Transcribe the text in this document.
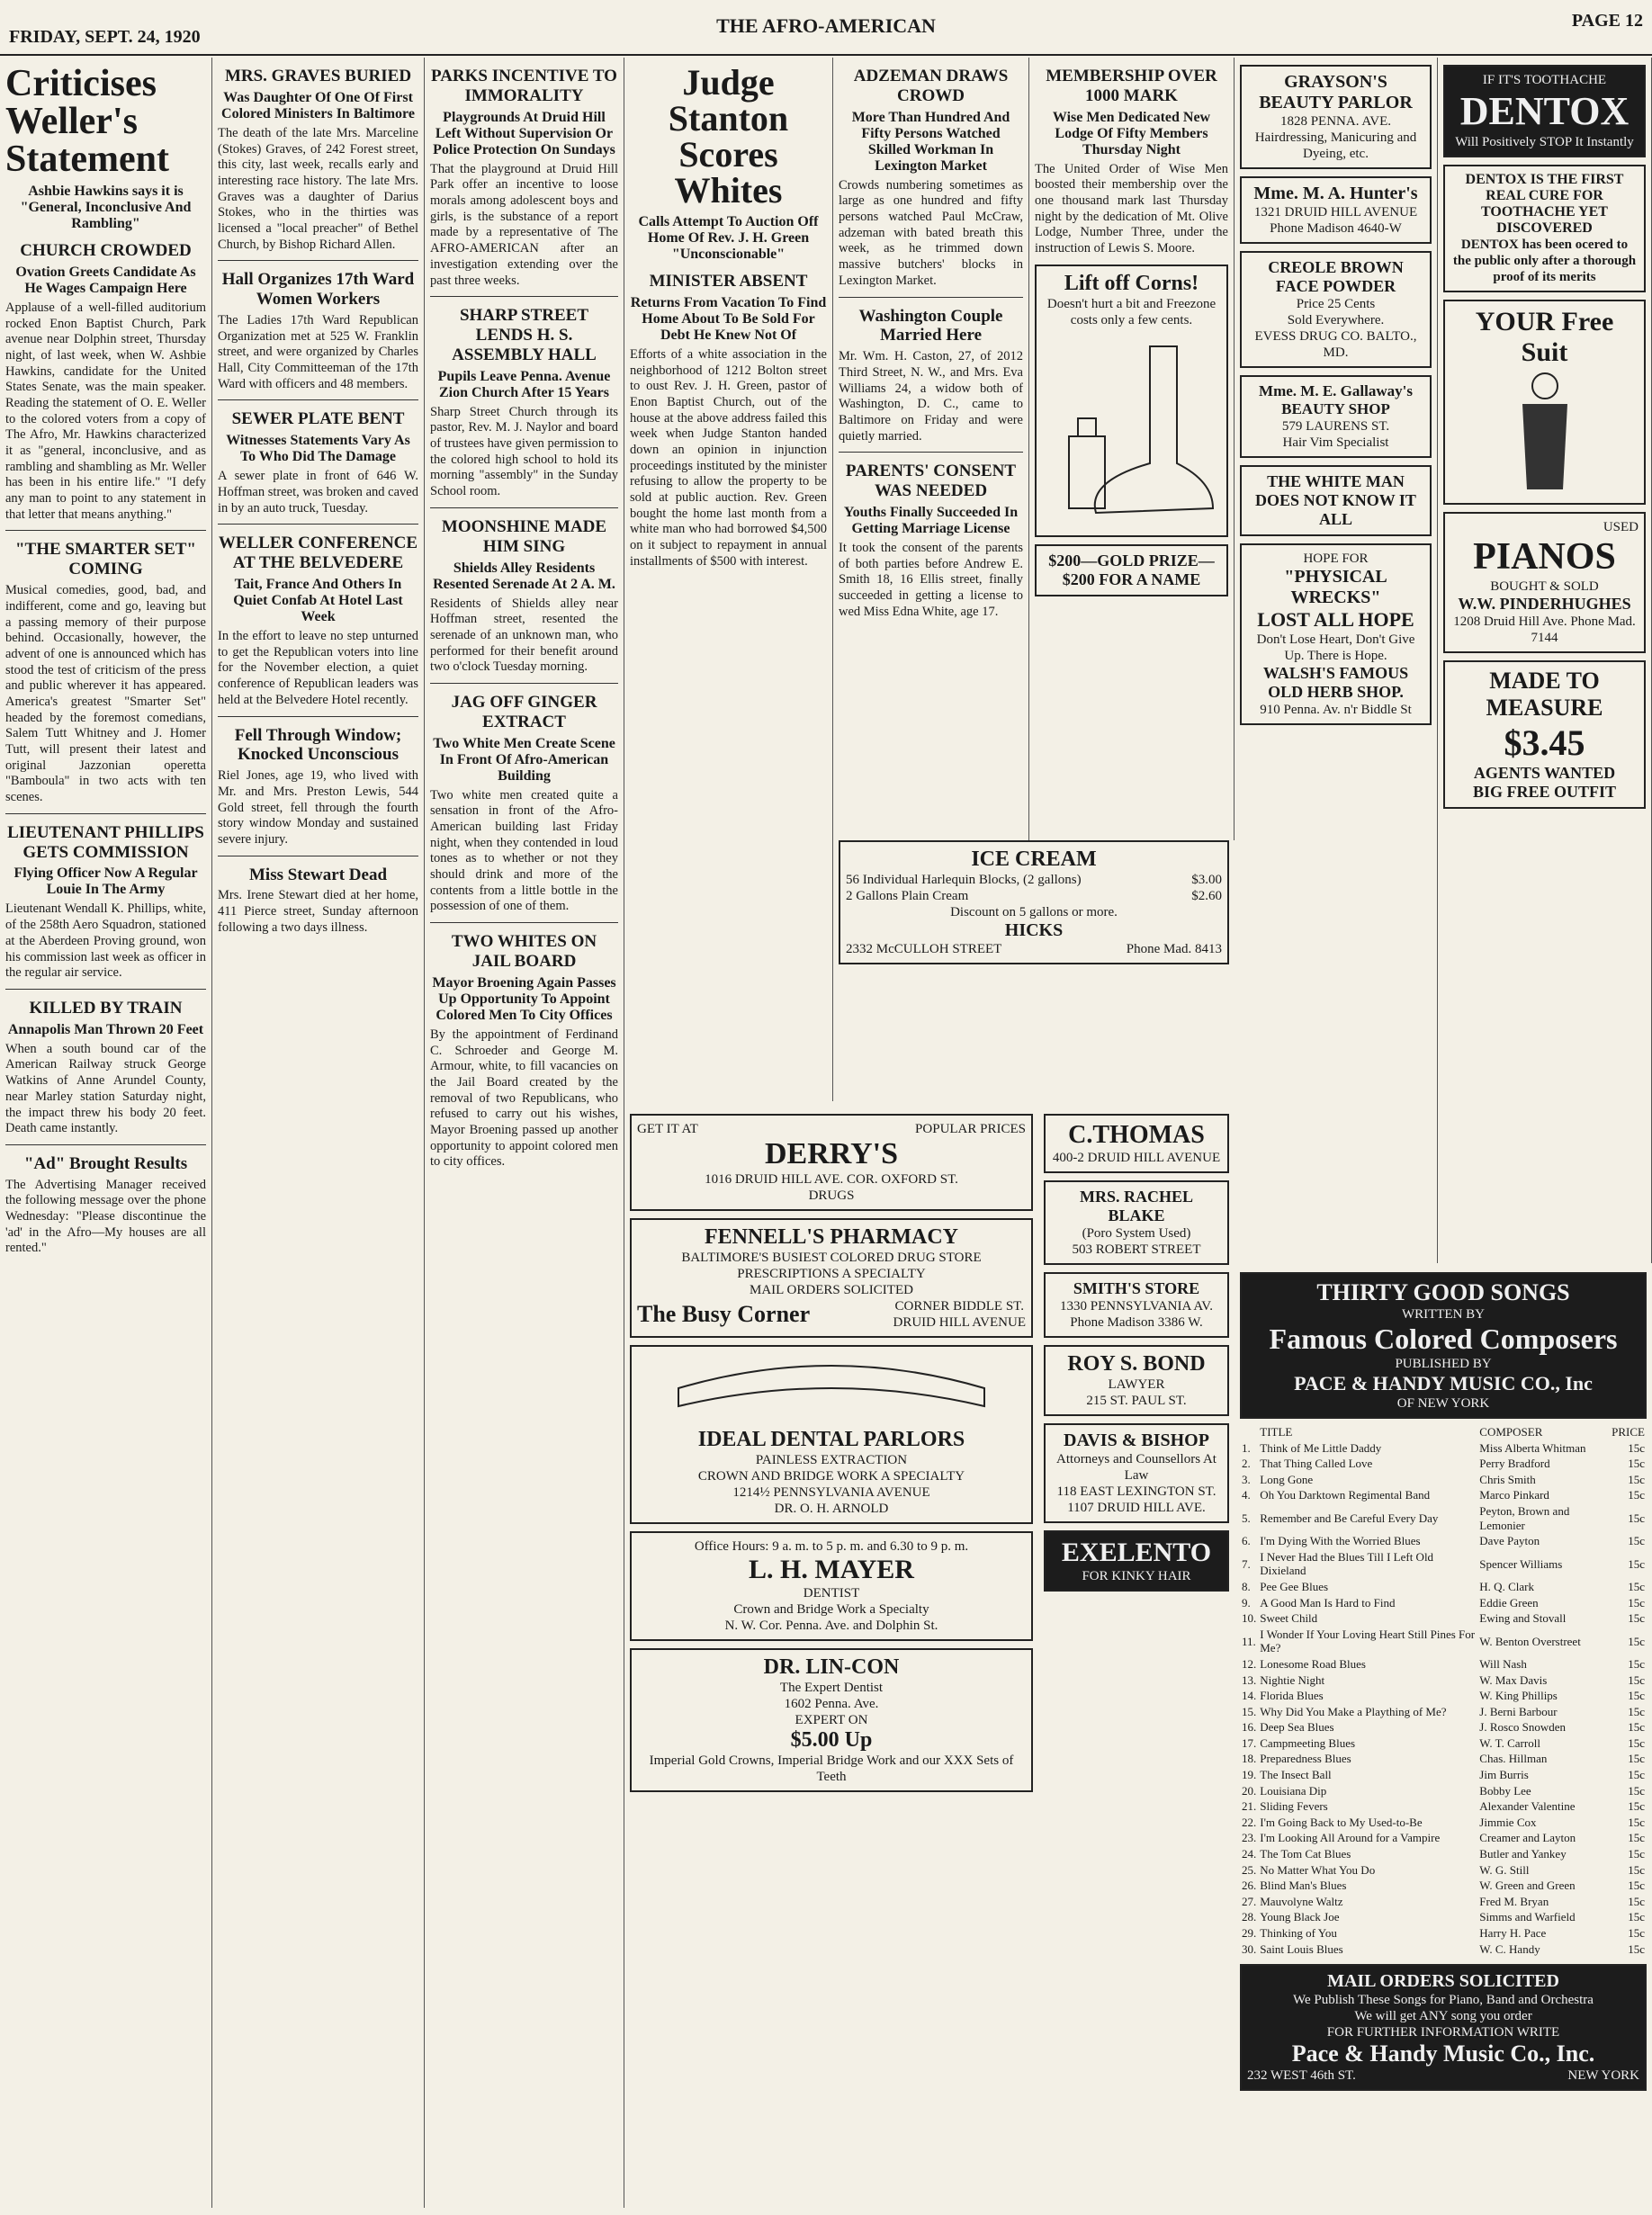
FRIDAY, SEPT. 24, 1920	THE AFRO-AMERICAN	PAGE 12
Criticises Weller's Statement
Ashbie Hawkins says it is "General, Inconclusive And Rambling"
CHURCH CROWDED
Ovation Greets Candidate As He Wages Campaign Here
Applause of a well-filled auditorium rocked Enon Baptist Church, Park avenue near Dolphin street, Thursday night, of last week, when W. Ashbie Hawkins, candidate for the United States Senate, was the main speaker. Reading the statement of O. E. Weller to the colored voters from a copy of The Afro, Mr. Hawkins characterized it as "general, inconclusive, and as rambling and shambling as Mr. Weller has been in his entire life." "I defy any man to point to any statement in that letter that means anything."
"THE SMARTER SET" COMING
Musical comedies, good, bad, and indifferent, come and go, leaving but a passing memory of their purpose behind. Occasionally, however, the advent of one is announced which has stood the test of criticism of the press and public wherever it has appeared. America's greatest "Smarter Set" headed by the foremost comedians, Salem Tutt Whitney and J. Homer Tutt, will present their latest and original Jazzonian operetta "Bamboula" in two acts with ten scenes.
LIEUTENANT PHILLIPS GETS COMMISSION
Flying Officer Now A Regular Louie In The Army
Lieutenant Wendall K. Phillips, white, of the 258th Aero Squadron, stationed at the Aberdeen Proving ground, won his commission last week as officer in the regular air service.
KILLED BY TRAIN
Annapolis Man Thrown 20 Feet
When a south bound car of the American Railway struck George Watkins of Anne Arundel County, near Marley station Saturday night, the impact threw his body 20 feet. Death came instantly.
"Ad" Brought Results
The Advertising Manager received the following message over the phone Wednesday: "Please discontinue the 'ad' in the Afro—My houses are all rented."
MRS. GRAVES BURIED
Was Daughter Of One Of First Colored Ministers In Baltimore
The death of the late Mrs. Marceline (Stokes) Graves, of 242 Forest street, this city, last week, recalls early and interesting race history. The late Mrs. Graves was a daughter of Darius Stokes, who in the thirties was licensed a "local preacher" of Bethel Church, by Bishop Richard Allen.
Hall Organizes 17th Ward Women Workers
The Ladies 17th Ward Republican Organization met at 525 W. Franklin street, and were organized by Charles Hall, City Committeeman of the 17th Ward with officers and 48 members.
SEWER PLATE BENT
Witnesses Statements Vary As To Who Did The Damage
A sewer plate in front of 646 W. Hoffman street, was broken and caved in by an auto truck, Tuesday.
WELLER CONFERENCE AT THE BELVEDERE
Tait, France And Others In Quiet Confab At Hotel Last Week
In the effort to leave no step unturned to get the Republican voters into line for the November election, a quiet conference of Republican leaders was held at the Belvedere Hotel recently.
Fell Through Window; Knocked Unconscious
Riel Jones, age 19, who lived with Mr. and Mrs. Preston Lewis, 544 Gold street, fell through the fourth story window Monday and sustained severe injury.
Miss Stewart Dead
Mrs. Irene Stewart died at her home, 411 Pierce street, Sunday afternoon following a two days illness.
PARKS INCENTIVE TO IMMORALITY
Playgrounds At Druid Hill Left Without Supervision Or Police Protection On Sundays
That the playground at Druid Hill Park offer an incentive to loose morals among adolescent boys and girls, is the substance of a report made by a representative of The AFRO-AMERICAN after an investigation extending over the past three weeks.
SHARP STREET LENDS H. S. ASSEMBLY HALL
Pupils Leave Penna. Avenue Zion Church After 15 Years
Sharp Street Church through its pastor, Rev. M. J. Naylor and board of trustees have given permission to the colored high school to hold its morning "assembly" in the Sunday School room.
MOONSHINE MADE HIM SING
Shields Alley Residents Resented Serenade At 2 A. M.
Residents of Shields alley near Hoffman street, resented the serenade of an unknown man, who performed for their benefit around two o'clock Tuesday morning.
JAG OFF GINGER EXTRACT
Two White Men Create Scene In Front Of Afro-American Building
Two white men created quite a sensation in front of the Afro-American building last Friday night, when they contended in loud tones as to whether or not they should drink and more of the contents from a little bottle in the possession of one of them.
TWO WHITES ON JAIL BOARD
Mayor Broening Again Passes Up Opportunity To Appoint Colored Men To City Offices
By the appointment of Ferdinand C. Schroeder and George M. Armour, white, to fill vacancies on the Jail Board created by the removal of two Republicans, who refused to carry out his wishes, Mayor Broening passed up another opportunity to appoint colored men to city offices.
Judge Stanton Scores Whites
Calls Attempt To Auction Off Home Of Rev. J. H. Green "Unconscionable"
MINISTER ABSENT
Returns From Vacation To Find Home About To Be Sold For Debt He Knew Not Of
Efforts of a white association in the neighborhood of 1212 Bolton street to oust Rev. J. H. Green, pastor of Enon Baptist Church, out of the house at the above address failed this week when Judge Stanton handed down an opinion in injunction proceedings instituted by the minister refusing to allow the property to be sold at public auction. Rev. Green bought the home last month from a white man who had borrowed $4,500 on it subject to repayment in annual installments of $500 with interest.
ADZEMAN DRAWS CROWD
More Than Hundred And Fifty Persons Watched Skilled Workman In Lexington Market
Crowds numbering sometimes as large as one hundred and fifty persons watched Paul McCraw, adzeman with bated breath this week, as he trimmed down massive butchers' blocks in Lexington Market.
Washington Couple Married Here
Mr. Wm. H. Caston, 27, of 2012 Third Street, N. W., and Mrs. Eva Williams 24, a widow both of Washington, D. C., came to Baltimore on Friday and were quietly married.
PARENTS' CONSENT WAS NEEDED
Youths Finally Succeeded In Getting Marriage License
It took the consent of the parents of both parties before Andrew E. Smith 18, 16 Ellis street, finally succeeded in getting a license to wed Miss Edna White, age 17.
MEMBERSHIP OVER 1000 MARK
Wise Men Dedicated New Lodge Of Fifty Members Thursday Night
The United Order of Wise Men boosted their membership over the one thousand mark last Thursday night by the dedication of Mt. Olive Lodge, Number Three, under the instruction of Lewis S. Moore.
Lift off Corns!
Doesn't hurt a bit and Freezone costs only a few cents.
$200—GOLD PRIZE—$200 FOR A NAME
ICE CREAM
56 Individual Harlequin Blocks, (2 gallons)	$3.00
2 Gallons Plain Cream	$2.60
Discount on 5 gallons or more.
HICKS
2332 McCULLOH STREET	Phone Mad. 8413
GET IT AT	POPULAR PRICES
DERRY'S
1016 DRUID HILL AVE. COR. OXFORD ST.
DRUGS
FENNELL'S PHARMACY
BALTIMORE'S BUSIEST COLORED DRUG STORE
PRESCRIPTIONS A SPECIALTY
MAIL ORDERS SOLICITED
The Busy Corner	CORNER BIDDLE ST.
DRUID HILL AVENUE
IDEAL DENTAL PARLORS
PAINLESS EXTRACTION
CROWN AND BRIDGE WORK A SPECIALTY
1214½ PENNSYLVANIA AVENUE
DR. O. H. ARNOLD
Office Hours: 9 a. m. to 5 p. m. and 6.30 to 9 p. m.
L. H. MAYER
DENTIST
Crown and Bridge Work a Specialty
N. W. Cor. Penna. Ave. and Dolphin St.
DR. LIN-CON
The Expert Dentist
1602 Penna. Ave.
EXPERT ON
$5.00 Up
Imperial Gold Crowns, Imperial Bridge Work and our XXX Sets of Teeth
C.THOMAS
400-2 DRUID HILL AVENUE
MRS. RACHEL BLAKE
(Poro System Used)
503 ROBERT STREET
SMITH'S STORE
1330 PENNSYLVANIA AV.
Phone Madison 3386 W.
ROY S. BOND
LAWYER
215 ST. PAUL ST.
DAVIS & BISHOP
Attorneys and Counsellors At Law
118 EAST LEXINGTON ST.
1107 DRUID HILL AVE.
EXELENTO
FOR KINKY HAIR
GRAYSON'S BEAUTY PARLOR
1828 PENNA. AVE.
Hairdressing, Manicuring and Dyeing, etc.
Mme. M. A. Hunter's
1321 DRUID HILL AVENUE
Phone Madison 4640-W
CREOLE BROWN FACE POWDER
Price 25 Cents
Sold Everywhere.
EVESS DRUG CO. BALTO., MD.
Mme. M. E. Gallaway's BEAUTY SHOP
579 LAURENS ST.
Hair Vim Specialist
THE WHITE MAN DOES NOT KNOW IT ALL
HOPE FOR
"PHYSICAL WRECKS"
LOST ALL HOPE
Don't Lose Heart, Don't Give Up. There is Hope.
WALSH'S FAMOUS OLD HERB SHOP.
910 Penna. Av. n'r Biddle St
IF IT'S TOOTHACHE
DENTOX
Will Positively STOP It Instantly
DENTOX IS THE FIRST REAL CURE FOR TOOTHACHE YET DISCOVERED
DENTOX has been ocered to the public only after a thorough proof of its merits
YOUR Free Suit
USED
PIANOS
BOUGHT & SOLD
W.W. PINDERHUGHES
1208 Druid Hill Ave. Phone Mad. 7144
MADE TO MEASURE
$3.45
AGENTS WANTED
BIG FREE OUTFIT
THIRTY GOOD SONGS
WRITTEN BY
Famous Colored Composers
PUBLISHED BY
PACE & HANDY MUSIC CO., Inc
OF NEW YORK
	TITLE	COMPOSER	PRICE
1.	Think of Me Little Daddy	Miss Alberta Whitman	15c
2.	That Thing Called Love	Perry Bradford	15c
3.	Long Gone	Chris Smith	15c
4.	Oh You Darktown Regimental Band	Marco Pinkard	15c
5.	Remember and Be Careful Every Day	Peyton, Brown and Lemonier	15c
6.	I'm Dying With the Worried Blues	Dave Payton	15c
7.	I Never Had the Blues Till I Left Old Dixieland	Spencer Williams	15c
8.	Pee Gee Blues	H. Q. Clark	15c
9.	A Good Man Is Hard to Find	Eddie Green	15c
10.	Sweet Child	Ewing and Stovall	15c
11.	I Wonder If Your Loving Heart Still Pines For Me?	W. Benton Overstreet	15c
12.	Lonesome Road Blues	Will Nash	15c
13.	Nightie Night	W. Max Davis	15c
14.	Florida Blues	W. King Phillips	15c
15.	Why Did You Make a Plaything of Me?	J. Berni Barbour	15c
16.	Deep Sea Blues	J. Rosco Snowden	15c
17.	Campmeeting Blues	W. T. Carroll	15c
18.	Preparedness Blues	Chas. Hillman	15c
19.	The Insect Ball	Jim Burris	15c
20.	Louisiana Dip	Bobby Lee	15c
21.	Sliding Fevers	Alexander Valentine	15c
22.	I'm Going Back to My Used-to-Be	Jimmie Cox	15c
23.	I'm Looking All Around for a Vampire	Creamer and Layton	15c
24.	The Tom Cat Blues	Butler and Yankey	15c
25.	No Matter What You Do	W. G. Still	15c
26.	Blind Man's Blues	W. Green and Green	15c
27.	Mauvolyne Waltz	Fred M. Bryan	15c
28.	Young Black Joe	Simms and Warfield	15c
29.	Thinking of You	Harry H. Pace	15c
30.	Saint Louis Blues	W. C. Handy	15c
MAIL ORDERS SOLICITED
We Publish These Songs for Piano, Band and Orchestra
We will get ANY song you order
FOR FURTHER INFORMATION WRITE
Pace & Handy Music Co., Inc.
232 WEST 46th ST.	NEW YORK
